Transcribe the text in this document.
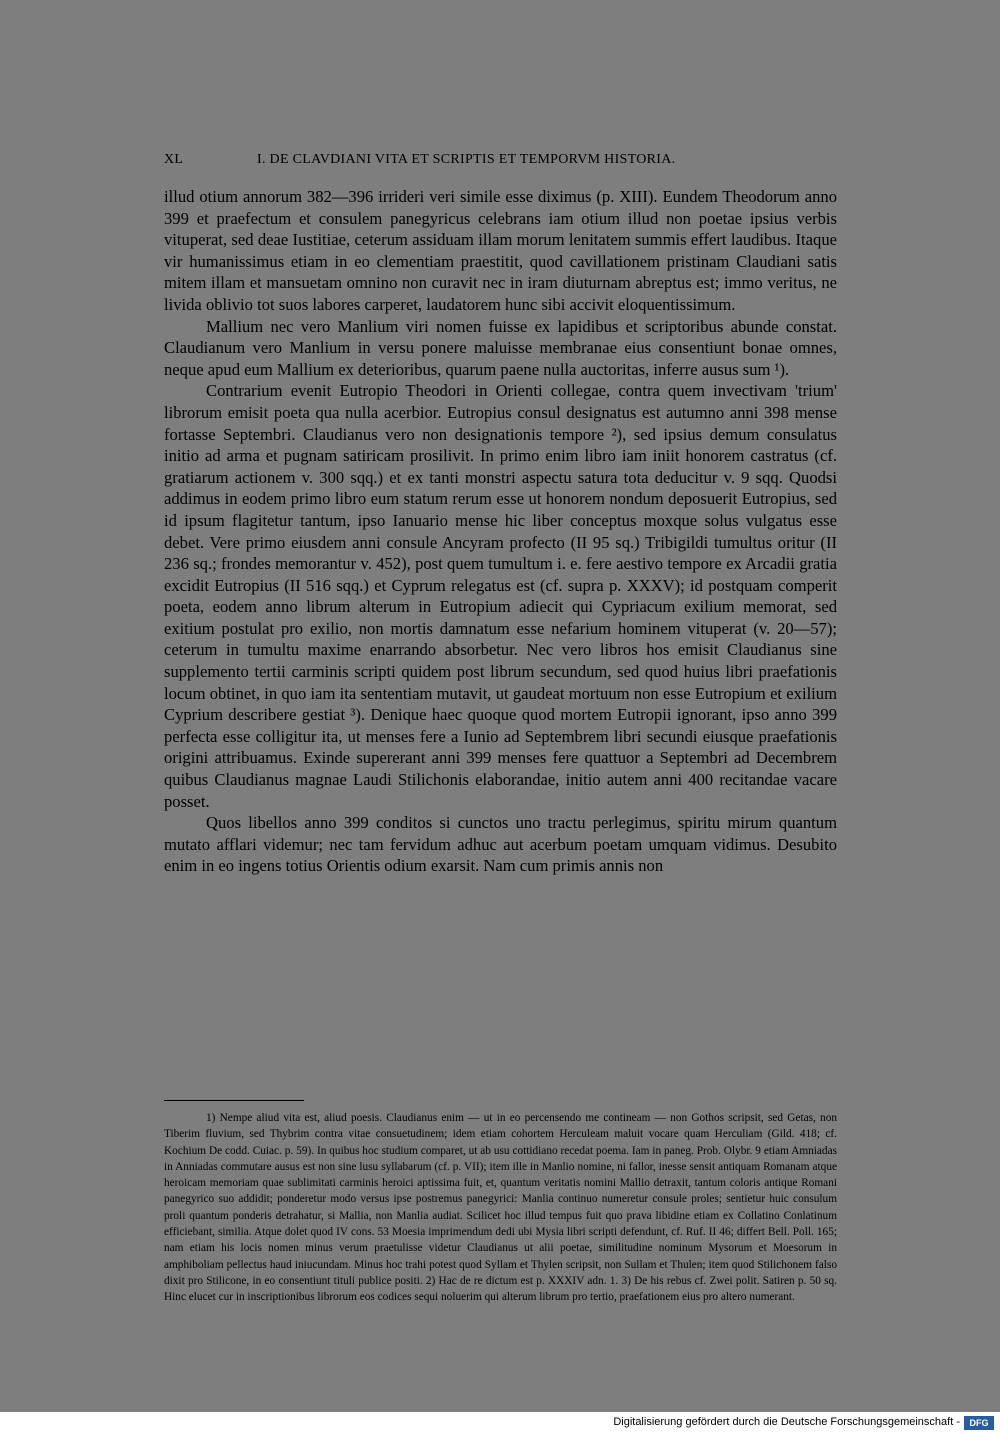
XL	I. DE CLAVDIANI VITA ET SCRIPTIS ET TEMPORVM HISTORIA.

illud otium annorum 382—396 irrideri veri simile esse diximus (p. XIII). Eundem Theodorum anno 399 et praefectum et consulem panegyricus celebrans iam otium illud non poetae ipsius verbis vituperat, sed deae Iustitiae, ceterum assiduam illam morum lenitatem summis effert laudibus. Itaque vir humanissimus etiam in eo clementiam praestitit, quod cavillationem pristinam Claudiani satis mitem illam et mansuetam omnino non curavit nec in iram diuturnam abreptus est; immo veritus, ne livida oblivio tot suos labores carperet, laudatorem hunc sibi accivit eloquentissimum.

Mallium nec vero Manlium viri nomen fuisse ex lapidibus et scriptoribus abunde constat. Claudianum vero Manlium in versu ponere maluisse membranae eius consentiunt bonae omnes, neque apud eum Mallium ex deterioribus, quarum paene nulla auctoritas, inferre ausus sum ¹).

Contrarium evenit Eutropio Theodori in Orienti collegae, contra quem invectivam 'trium' librorum emisit poeta qua nulla acerbior. Eutropius consul designatus est autumno anni 398 mense fortasse Septembri. Claudianus vero non designationis tempore ²), sed ipsius demum consulatus initio ad arma et pugnam satiricam prosilivit. In primo enim libro iam iniit honorem castratus (cf. gratiarum actionem v. 300 sqq.) et ex tanti monstri aspectu satura tota deducitur v. 9 sqq. Quodsi addimus in eodem primo libro eum statum rerum esse ut honorem nondum deposuerit Eutropius, sed id ipsum flagitetur tantum, ipso Ianuario mense hic liber conceptus moxque solus vulgatus esse debet. Vere primo eiusdem anni consule Ancyram profecto (II 95 sq.) Tribigildi tumultus oritur (II 236 sq.; frondes memorantur v. 452), post quem tumultum i. e. fere aestivo tempore ex Arcadii gratia excidit Eutropius (II 516 sqq.) et Cyprum relegatus est (cf. supra p. XXXV); id postquam comperit poeta, eodem anno librum alterum in Eutropium adiecit qui Cypriacum exilium memorat, sed exitium postulat pro exilio, non mortis damnatum esse nefarium hominem vituperat (v. 20—57); ceterum in tumultu maxime enarrando absorbetur. Nec vero libros hos emisit Claudianus sine supplemento tertii carminis scripti quidem post librum secundum, sed quod huius libri praefationis locum obtinet, in quo iam ita sententiam mutavit, ut gaudeat mortuum non esse Eutropium et exilium Cyprium describere gestiat ³). Denique haec quoque quod mortem Eutropii ignorant, ipso anno 399 perfecta esse colligitur ita, ut menses fere a Iunio ad Septembrem libri secundi eiusque praefationis origini attribuamus. Exinde supererant anni 399 menses fere quattuor a Septembri ad Decembrem quibus Claudianus magnae Laudi Stilichonis elaborandae, initio autem anni 400 recitandae vacare posset.

Quos libellos anno 399 conditos si cunctos uno tractu perlegimus, spiritu mirum quantum mutato afflari videmur; nec tam fervidum adhuc aut acerbum poetam umquam vidimus. Desubito enim in eo ingens totius Orientis odium exarsit. Nam cum primis annis non

1) Nempe aliud vita est, aliud poesis. Claudianus enim — ut in eo percensendo me contineam — non Gothos scripsit, sed Getas, non Tiberim fluvium, sed Thybrim contra vitae consuetudinem; idem etiam cohortem Herculeam maluit vocare quam Herculiam (Gild. 418; cf. Kochium De codd. Cuiac. p. 59). In quibus hoc studium comparet, ut ab usu cottidiano recedat poema. Iam in paneg. Prob. Olybr. 9 etiam Amniadas in Anniadas commutare ausus est non sine lusu syllabarum (cf. p. VII); item ille in Manlio nomine, ni fallor, inesse sensit antiquam Romanam atque heroicam memoriam quae sublimitati carminis heroici aptissima fuit, et, quantum veritatis nomini Mallio detraxit, tantum coloris antique Romani panegyrico suo addidit; ponderetur modo versus ipse postremus panegyrici: Manlia continuo numeretur consule proles; sentietur huic consulum proli quantum ponderis detrahatur, si Mallia, non Manlia audiat. Scilicet hoc illud tempus fuit quo prava libidine etiam ex Collatino Conlatinum efficiebant, similia. Atque dolet quod IV cons. 53 Moesia imprimendum dedi ubi Mysia libri scripti defendunt, cf. Ruf. II 46; differt Bell. Poll. 165; nam etiam his locis nomen minus verum praetulisse videtur Claudianus ut alii poetae, similitudine nominum Mysorum et Moesorum in amphiboliam pellectus haud iniucundam. Minus hoc trahi potest quod Syllam et Thylen scripsit, non Sullam et Thulen; item quod Stilichonem falso dixit pro Stilicone, in eo consentiunt tituli publice positi. 2) Hac de re dictum est p. XXXIV adn. 1. 3) De his rebus cf. Zwei polit. Satiren p. 50 sq. Hinc elucet cur in inscriptionibus librorum eos codices sequi noluerim qui alterum librum pro tertio, praefationem eius pro altero numerant.

Digitalisierung gefördert durch die Deutsche Forschungsgemeinschaft -	DFG
